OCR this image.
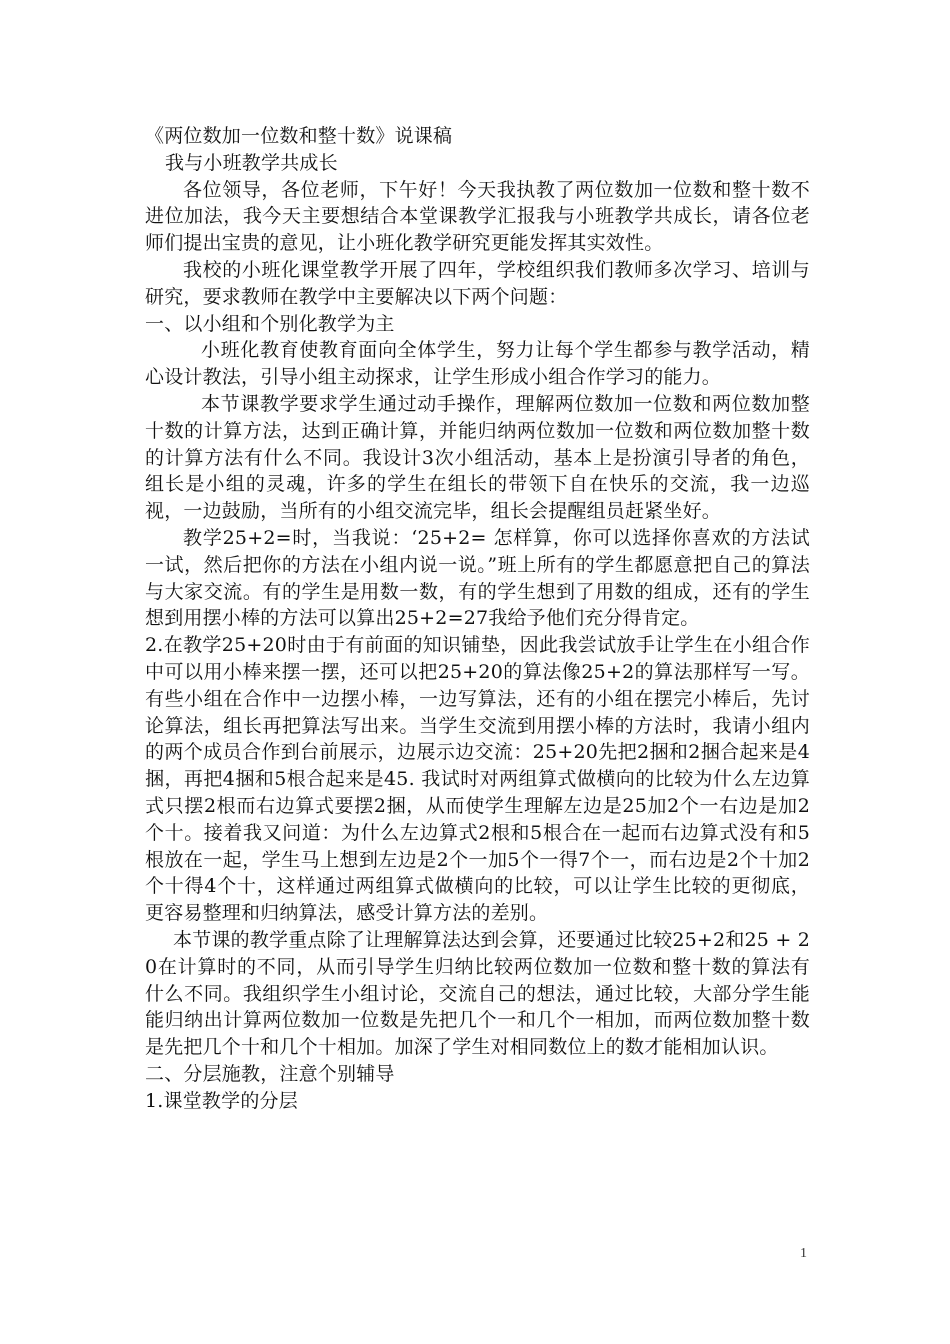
《两位数加一位数和整十数》说课稿

我与小班教学共成长

各位领导，各位老师，下午好！今天我执教了两位数加一位数和整十数不进位加法，我今天主要想结合本堂课教学汇报我与小班教学共成长，请各位老师们提出宝贵的意见，让小班化教学研究更能发挥其实效性。

我校的小班化课堂教学开展了四年，学校组织我们教师多次学习、培训与研究，要求教师在教学中主要解决以下两个问题：

一、以小组和个别化教学为主

小班化教育使教育面向全体学生，努力让每个学生都参与教学活动，精心设计教法，引导小组主动探求，让学生形成小组合作学习的能力。

本节课教学要求学生通过动手操作，理解两位数加一位数和两位数加整十数的计算方法，达到正确计算，并能归纳两位数加一位数和两位数加整十数的计算方法有什么不同。我设计3次小组活动，基本上是扮演引导者的角色，组长是小组的灵魂，许多的学生在组长的带领下自在快乐的交流，我一边巡视，一边鼓励，当所有的小组交流完毕，组长会提醒组员赶紧坐好。

教学25+2=时，当我说：‘25+2= 怎样算，你可以选择你喜欢的方法试一试，然后把你的方法在小组内说一说。”班上所有的学生都愿意把自己的算法与大家交流。有的学生是用数一数，有的学生想到了用数的组成，还有的学生想到用摆小棒的方法可以算出25+2=27我给予他们充分得肯定。

2.在教学25+20时由于有前面的知识铺垫，因此我尝试放手让学生在小组合作中可以用小棒来摆一摆，还可以把25+20的算法像25+2的算法那样写一写。有些小组在合作中一边摆小棒，一边写算法，还有的小组在摆完小棒后，先讨论算法，组长再把算法写出来。当学生交流到用摆小棒的方法时，我请小组内的两个成员合作到台前展示，边展示边交流：25+20先把2捆和2捆合起来是4捆，再把4捆和5根合起来是45. 我试时对两组算式做横向的比较为什么左边算式只摆2根而右边算式要摆2捆，从而使学生理解左边是25加2个一右边是加2个十。接着我又问道：为什么左边算式2根和5根合在一起而右边算式没有和5根放在一起，学生马上想到左边是2个一加5个一得7个一，而右边是2个十加2个十得4个十，这样通过两组算式做横向的比较，可以让学生比较的更彻底，更容易整理和归纳算法，感受计算方法的差别。

本节课的教学重点除了让理解算法达到会算，还要通过比较25+2和25 + 20在计算时的不同，从而引导学生归纳比较两位数加一位数和整十数的算法有什么不同。我组织学生小组讨论，交流自己的想法，通过比较，大部分学生能能归纳出计算两位数加一位数是先把几个一和几个一相加，而两位数加整十数是先把几个十和几个十相加。加深了学生对相同数位上的数才能相加认识。

二、分层施教，注意个别辅导

1.课堂教学的分层

1
